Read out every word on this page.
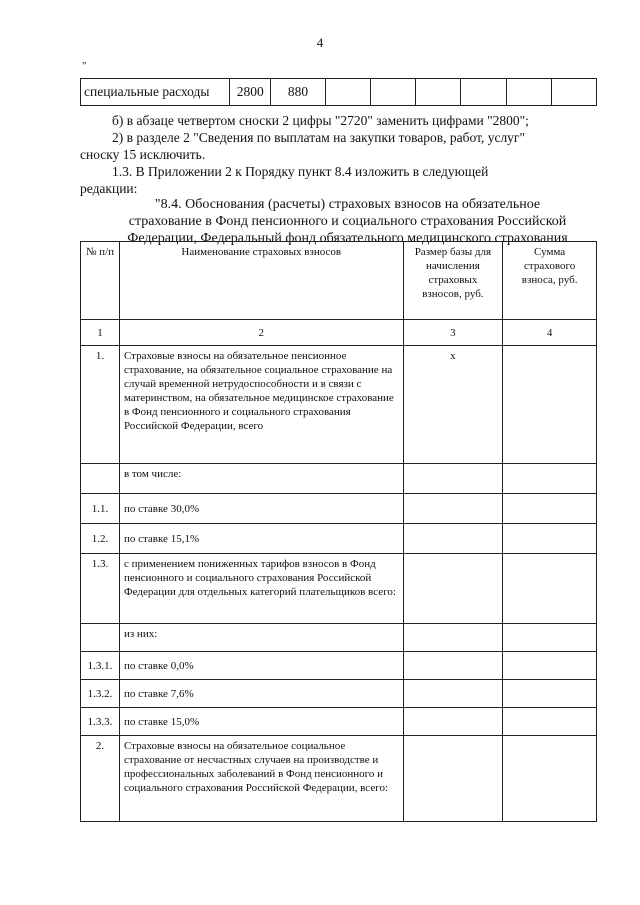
4
"
специальные расходы	2800	880						
б) в абзаце четвертом сноски 2 цифры "2720" заменить цифрами "2800";
2) в разделе 2 "Сведения по выплатам на закупки товаров, работ, услуг"
сноску 15 исключить.
1.3. В Приложении 2 к Порядку пункт 8.4 изложить в следующей
редакции:
"8.4. Обоснования (расчеты) страховых взносов на обязательное
страхование в Фонд пенсионного и социального страхования Российской
Федерации, Федеральный фонд обязательного медицинского страхования
№ п/п	Наименование страховых взносов	Размер базы для начисления страховых взносов, руб.	Сумма страхового взноса, руб.
1	2	3	4
1.	Страховые взносы на обязательное пенсионное страхование, на обязательное социальное страхование на случай временной нетрудоспособности и в связи с материнством, на обязательное медицинское страхование в Фонд пенсионного и социального страхования Российской Федерации, всего	x	
	в том числе:		
1.1.	по ставке 30,0%		
1.2.	по ставке 15,1%		
1.3.	с применением пониженных тарифов взносов в Фонд пенсионного и социального страхования Российской Федерации для отдельных категорий плательщиков всего:		
	из них:		
1.3.1.	по ставке 0,0%		
1.3.2.	по ставке 7,6%		
1.3.3.	по ставке 15,0%		
2.	Страховые взносы на обязательное социальное страхование от несчастных случаев на производстве и профессиональных заболеваний в Фонд пенсионного и социального страхования Российской Федерации, всего:		
